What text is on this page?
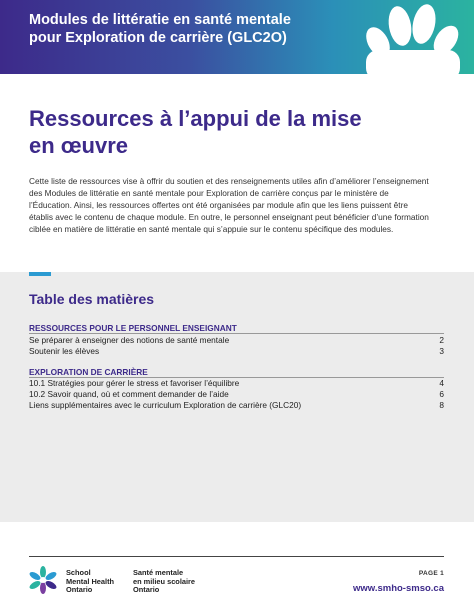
Modules de littératie en santé mentale
pour Exploration de carrière (GLC2O)
Ressources à l’appui de la mise
en œuvre
Cette liste de ressources vise à offrir du soutien et des renseignements utiles afin d’améliorer l’enseignement
des Modules de littératie en santé mentale pour Exploration de carrière conçus par le ministère de
l’Éducation. Ainsi, les ressources offertes ont été organisées par module afin que les liens puissent être
établis avec le contenu de chaque module. En outre, le personnel enseignant peut bénéficier d’une formation
ciblée en matière de littératie en santé mentale qui s’appuie sur le contenu spécifique des modules.
Table des matières
RESSOURCES POUR LE PERSONNEL ENSEIGNANT
Se préparer à enseigner des notions de santé mentale	2
Soutenir les élèves	3
EXPLORATION DE CARRIÈRE
10.1 Stratégies pour gérer le stress et favoriser l’équilibre	4
10.2 Savoir quand, où et comment demander de l’aide	6
Liens supplémentaires avec le curriculum Exploration de carrière (GLC20)	8
School
Mental Health
Ontario
Santé mentale
en milieu scolaire
Ontario
PAGE 1
www.smho-smso.ca
